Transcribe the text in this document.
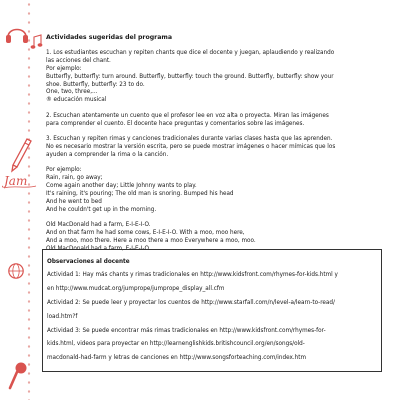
Jam

Actividades sugeridas del programa

1. Los estudiantes escuchan y repiten chants que dice el docente y juegan, aplaudiendo y realizando

las acciones del chant.

Por ejemplo:

Butterfly, butterfly: turn around. Butterfly, butterfly: touch the ground. Butterfly, butterfly: show your

shoe. Butterfly, butterfly: 23 to do.

One, two, three,...

® educación musical

2. Escuchan atentamente un cuento que el profesor lee en voz alta o proyecta. Miran las imágenes

para comprender el cuento. El docente hace preguntas y comentarios sobre las imágenes.

3. Escuchan y repiten rimas y canciones tradicionales durante varias clases hasta que las aprenden.

No es necesario mostrar la versión escrita, pero se puede mostrar imágenes o hacer mímicas que los

ayuden a comprender la rima o la canción.

Por ejemplo:

Rain, rain, go away;

Come again another day; Little Johnny wants to play.

It's raining, it's pouring; The old man is snoring. Bumped his head

And he went to bed

And he couldn't get up in the morning.

Old MacDonald had a farm, E-I-E-I-O.

And on that farm he had some cows, E-I-E-I-O. With a moo, moo here,

And a moo, moo there. Here a moo there a moo Everywhere a moo, moo.

Old MacDonald had a farm, E-I-E-I-O.

Observaciones al docente

Actividad 1: Hay más chants y rimas tradicionales en http://www.kidsfront.com/rhymes-for-kids.html y

en http://www.mudcat.org/jumprope/jumprope_display_all.cfm

Actividad 2: Se puede leer y proyectar los cuentos de http://www.starfall.com/n/level-a/learn-to-read/

load.htm?f

Actividad 3: Se puede encontrar más rimas tradicionales en http://www.kidsfront.com/rhymes-for-

kids.html, videos para proyectar en http://learnenglishkids.britishcouncil.org/en/songs/old-

macdonald-had-farm y letras de canciones en http://www.songsforteaching.com/index.htm
